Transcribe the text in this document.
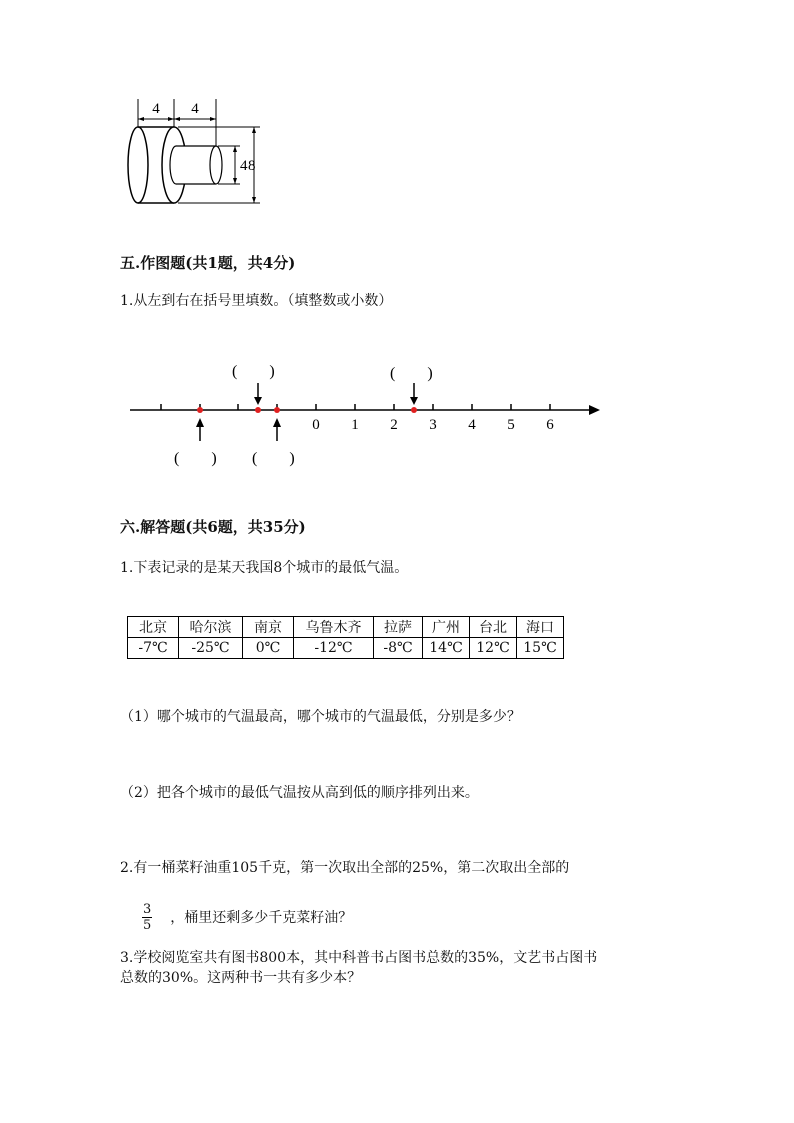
4 4
4 8
五.作图题(共1题，共4分)
1.从左到右在括号里填数。（填整数或小数）
0 1 2 3 4 5 6
(　　)	(　　)
(　　) (　　)
六.解答题(共6题，共35分)
1.下表记录的是某天我国8个城市的最低气温。
北京	哈尔滨	南京	乌鲁木齐	拉萨	广州	台北	海口
-7℃	-25℃	0℃	-12℃	-8℃	14℃	12℃	15℃
（1）哪个城市的气温最高，哪个城市的气温最低，分别是多少？
（2）把各个城市的最低气温按从高到低的顺序排列出来。
2.有一桶菜籽油重105千克，第一次取出全部的25%，第二次取出全部的
$\frac{3}{5}$ ，桶里还剩多少千克菜籽油？
3.学校阅览室共有图书800本，其中科普书占图书总数的35%，文艺书占图书
总数的30%。这两种书一共有多少本？
